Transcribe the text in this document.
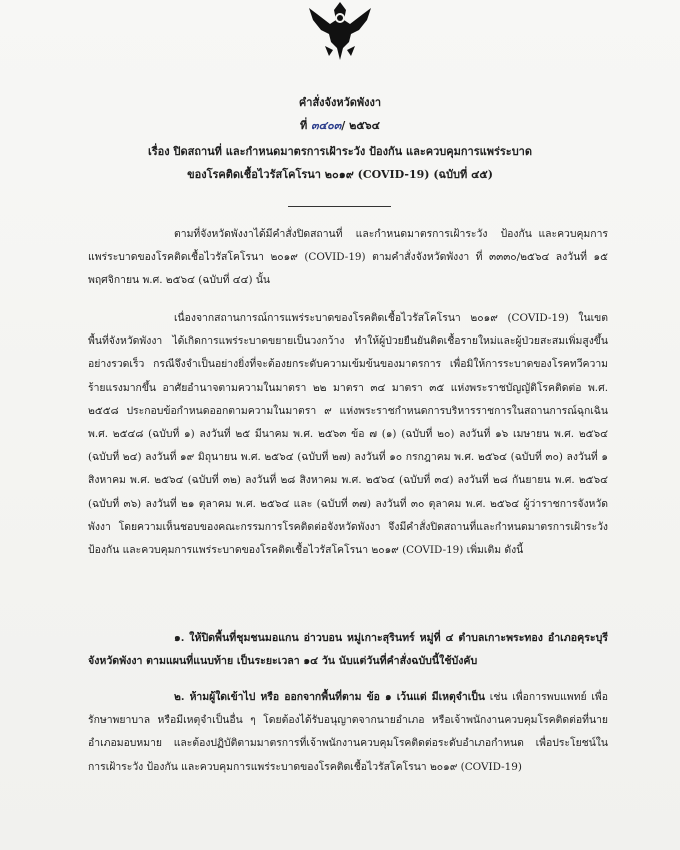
คำสั่งจังหวัดพังงา
ที่ ๓๔๐๓/ ๒๕๖๔
เรื่อง ปิดสถานที่ และกำหนดมาตรการเฝ้าระวัง ป้องกัน และควบคุมการแพร่ระบาด
ของโรคติดเชื้อไวรัสโคโรนา ๒๐๑๙ (COVID-19) (ฉบับที่ ๔๕)
ตามที่จังหวัดพังงาได้มีคำสั่งปิดสถานที่  และกำหนดมาตรการเฝ้าระวัง  ป้องกัน และควบคุมการแพร่ระบาดของโรคติดเชื้อไวรัสโคโรนา ๒๐๑๙ (COVID-19) ตามคำสั่งจังหวัดพังงา ที่ ๓๓๓๐/๒๕๖๔ ลงวันที่ ๑๕ พฤศจิกายน พ.ศ. ๒๕๖๔ (ฉบับที่ ๔๔) นั้น
เนื่องจากสถานการณ์การแพร่ระบาดของโรคติดเชื้อไวรัสโคโรนา ๒๐๑๙ (COVID-19) ในเขตพื้นที่จังหวัดพังงา ได้เกิดการแพร่ระบาดขยายเป็นวงกว้าง ทำให้ผู้ป่วยยืนยันติดเชื้อรายใหม่และผู้ป่วยสะสมเพิ่มสูงขึ้นอย่างรวดเร็ว กรณีจึงจำเป็นอย่างยิ่งที่จะต้องยกระดับความเข้มข้นของมาตรการ เพื่อมิให้การระบาดของโรคทวีความร้ายแรงมากขึ้น อาศัยอำนาจตามความในมาตรา ๒๒ มาตรา ๓๔ มาตรา ๓๕ แห่งพระราชบัญญัติโรคติดต่อ พ.ศ. ๒๕๕๘ ประกอบข้อกำหนดออกตามความในมาตรา ๙ แห่งพระราชกำหนดการบริหารราชการในสถานการณ์ฉุกเฉิน พ.ศ. ๒๕๔๘ (ฉบับที่ ๑) ลงวันที่ ๒๕ มีนาคม พ.ศ. ๒๕๖๓ ข้อ ๗ (๑) (ฉบับที่ ๒๐) ลงวันที่ ๑๖ เมษายน พ.ศ. ๒๕๖๔ (ฉบับที่ ๒๔) ลงวันที่ ๑๙ มิถุนายน พ.ศ. ๒๕๖๔ (ฉบับที่ ๒๗) ลงวันที่ ๑๐ กรกฎาคม พ.ศ. ๒๕๖๔ (ฉบับที่ ๓๐) ลงวันที่ ๑ สิงหาคม พ.ศ. ๒๕๖๔ (ฉบับที่ ๓๒) ลงวันที่ ๒๘ สิงหาคม พ.ศ. ๒๕๖๔ (ฉบับที่ ๓๔) ลงวันที่ ๒๘ กันยายน พ.ศ. ๒๕๖๔ (ฉบับที่ ๓๖) ลงวันที่ ๒๑ ตุลาคม พ.ศ. ๒๕๖๔ และ (ฉบับที่ ๓๗) ลงวันที่ ๓๐ ตุลาคม พ.ศ. ๒๕๖๔ ผู้ว่าราชการจังหวัดพังงา โดยความเห็นชอบของคณะกรรมการโรคติดต่อจังหวัดพังงา จึงมีคำสั่งปิดสถานที่และกำหนดมาตรการเฝ้าระวัง ป้องกัน และควบคุมการแพร่ระบาดของโรคติดเชื้อไวรัสโคโรนา ๒๐๑๙ (COVID-19) เพิ่มเติม ดังนี้
๑. ให้ปิดพื้นที่ชุมชนมอแกน อ่าวบอน หมู่เกาะสุรินทร์ หมู่ที่ ๔ ตำบลเกาะพระทอง อำเภอคุระบุรี จังหวัดพังงา ตามแผนที่แนบท้าย เป็นระยะเวลา ๑๔ วัน นับแต่วันที่คำสั่งฉบับนี้ใช้บังคับ
๒. ห้ามผู้ใดเข้าไป หรือ ออกจากพื้นที่ตาม ข้อ ๑ เว้นแต่ มีเหตุจำเป็น เช่น เพื่อการพบแพทย์ เพื่อรักษาพยาบาล หรือมีเหตุจำเป็นอื่น ๆ โดยต้องได้รับอนุญาตจากนายอำเภอ หรือเจ้าพนักงานควบคุมโรคติดต่อที่นายอำเภอมอบหมาย และต้องปฏิบัติตามมาตรการที่เจ้าพนักงานควบคุมโรคติดต่อระดับอำเภอกำหนด เพื่อประโยชน์ในการเฝ้าระวัง ป้องกัน และควบคุมการแพร่ระบาดของโรคติดเชื้อไวรัสโคโรนา ๒๐๑๙ (COVID-19)
